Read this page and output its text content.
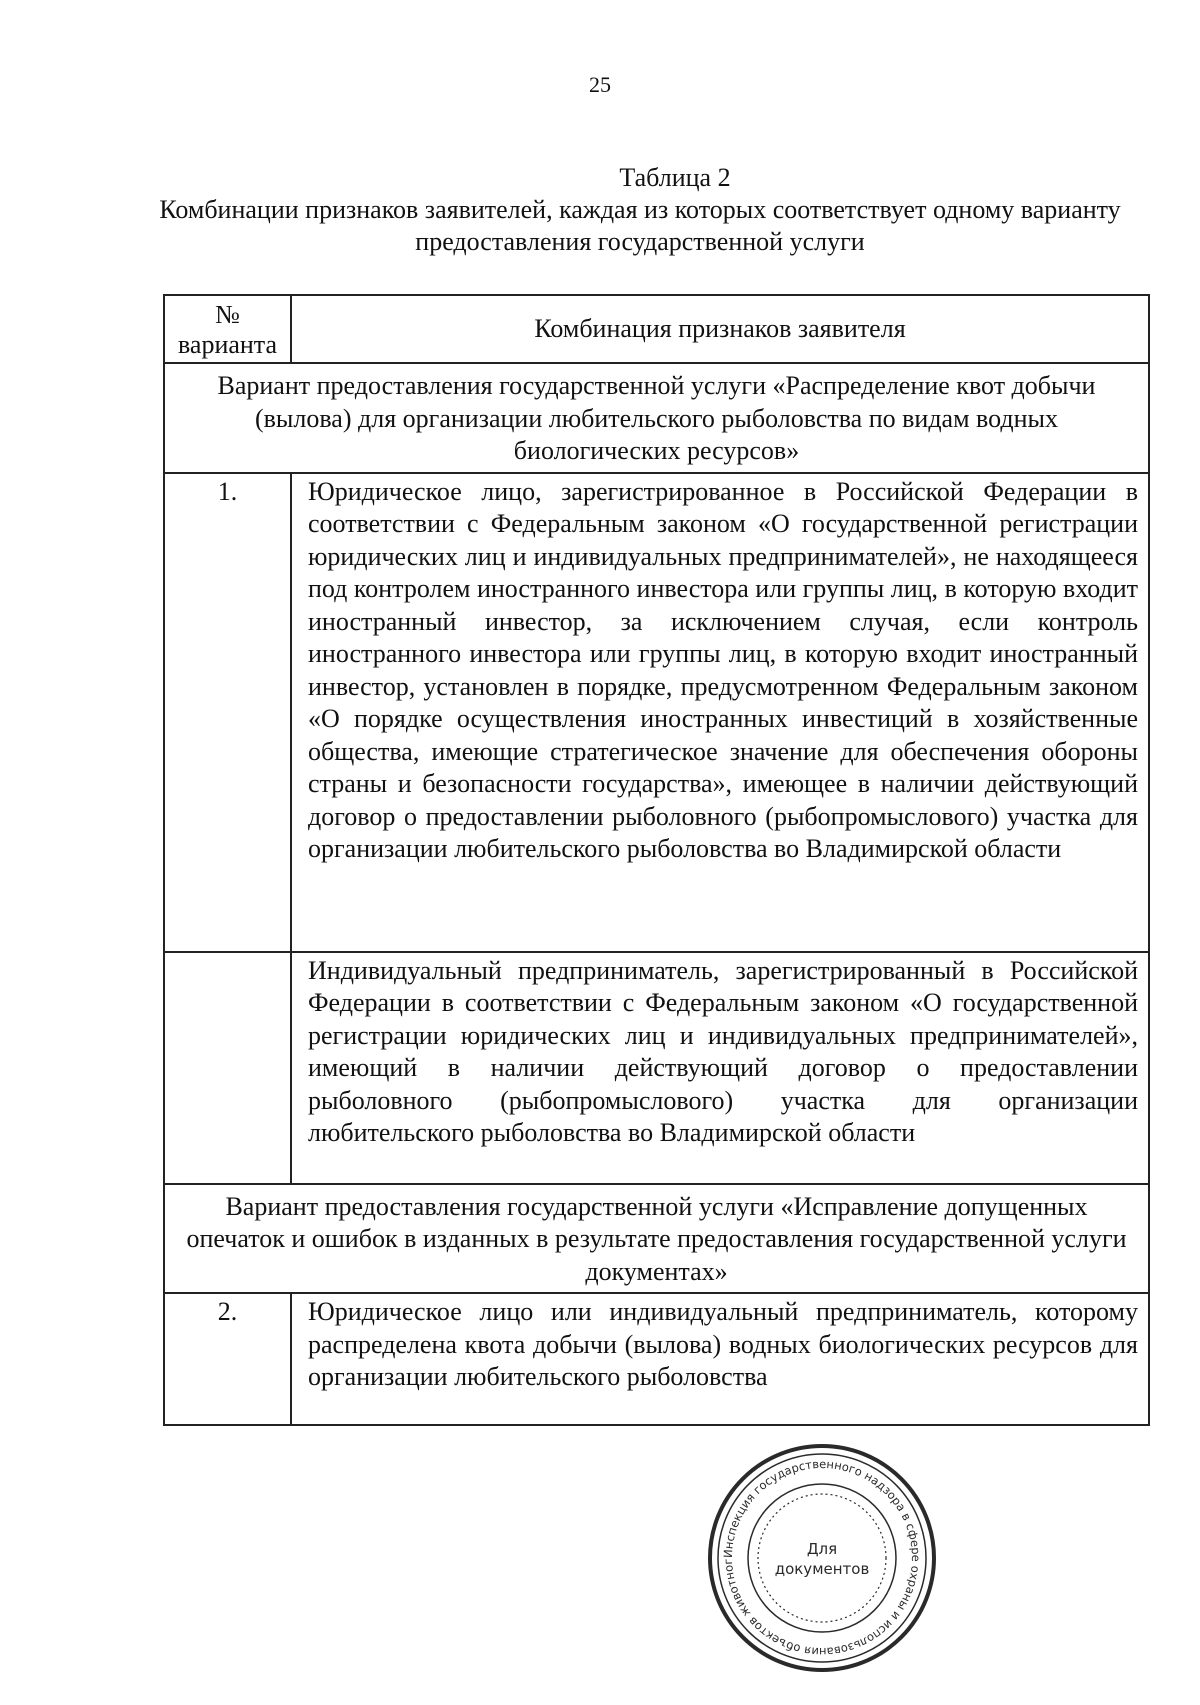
25
Таблица 2
Комбинации признаков заявителей, каждая из которых соответствует одному варианту предоставления государственной услуги
№ варианта	Комбинация признаков заявителя
Вариант предоставления государственной услуги «Распределение квот добычи (вылова) для организации любительского рыболовства по видам водных биологических ресурсов»	
1.	Юридическое лицо, зарегистрированное в Российской Федерации в соответствии с Федеральным законом «О государственной регистрации юридических лиц и индивидуальных предпринимателей», не находящееся под контролем иностранного инвестора или группы лиц, в которую входит иностранный инвестор, за исключением случая, если контроль иностранного инвестора или группы лиц, в которую входит иностранный инвестор, установлен в порядке, предусмотренном Федеральным законом «О порядке осуществления иностранных инвестиций в хозяйственные общества, имеющие стратегическое значение для обеспечения обороны страны и безопасности государства», имеющее в наличии действующий договор о предоставлении рыболовного (рыбопромыслового) участка для организации любительского рыболовства во Владимирской области
	Индивидуальный предприниматель, зарегистрированный в Российской Федерации в соответствии с Федеральным законом «О государственной регистрации юридических лиц и индивидуальных предпринимателей», имеющий в наличии действующий договор о предоставлении рыболовного (рыбопромыслового) участка для организации любительского рыболовства во Владимирской области
Вариант предоставления государственной услуги «Исправление допущенных опечаток и ошибок в изданных в результате предоставления государственной услуги документах»	
2.	Юридическое лицо или индивидуальный предприниматель, которому распределена квота добычи (вылова) водных биологических ресурсов для организации любительского рыболовства
Инспекция государственного надзора в сфере охраны и использования объектов животног
Для
документов
